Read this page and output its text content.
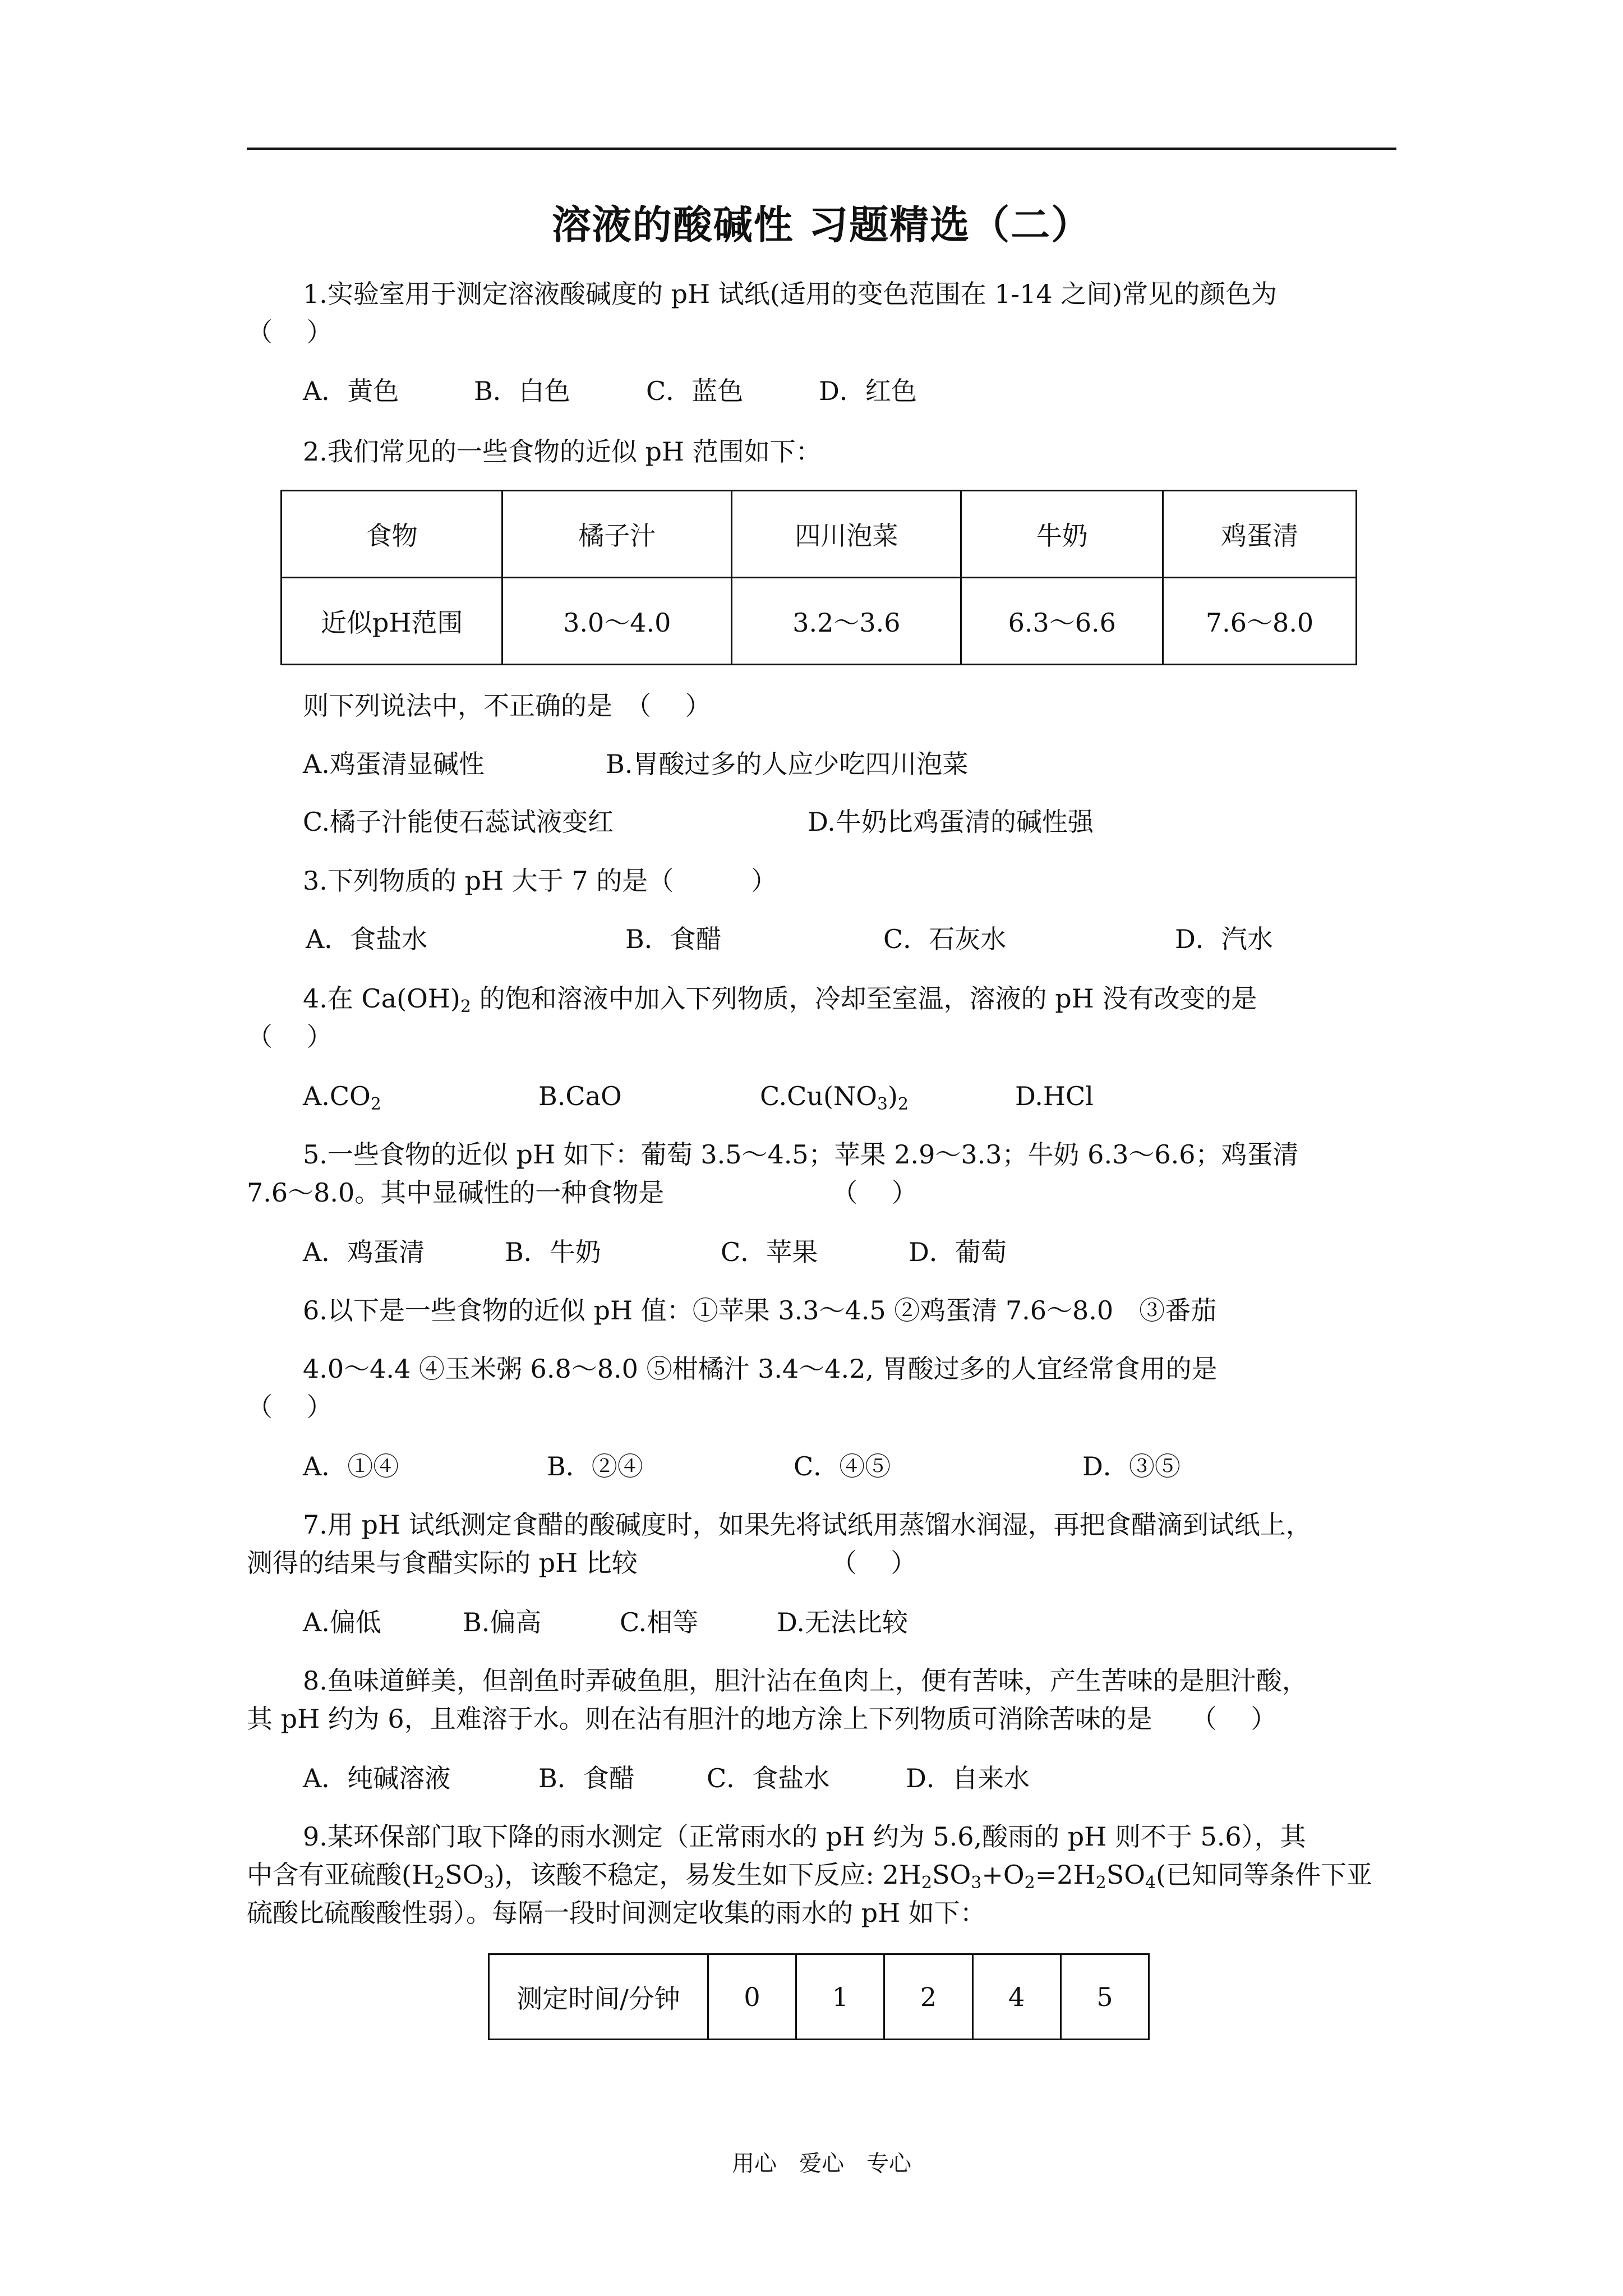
溶液的酸碱性 习题精选（二）
1.实验室用于测定溶液酸碱度的 pH 试纸(适用的变色范围在 1-14 之间)常见的颜色为
（　 ）
A．黄色	B．白色	C．蓝色	D．红色
2.我们常见的一些食物的近似 pH 范围如下：
食物	橘子汁	四川泡菜	牛奶	鸡蛋清
近似pH范围	3.0～4.0	3.2～3.6	6.3～6.6	7.6～8.0
则下列说法中，不正确的是　（　 ）
A.鸡蛋清显碱性	B.胃酸过多的人应少吃四川泡菜
C.橘子汁能使石蕊试液变红	D.牛奶比鸡蛋清的碱性强
3.下列物质的 pH 大于 7 的是（　　　）
A．食盐水	B．食醋	C．石灰水	D．汽水
4.在 $Ca(OH)_2$ 的饱和溶液中加入下列物质，冷却至室温，溶液的 pH 没有改变的是
（　 ）
$A.CO_2$	B.CaO	$C.Cu(NO_3)_2$	D.HCl
5.一些食物的近似 pH 如下：葡萄 3.5～4.5；苹果 2.9～3.3；牛奶 6.3～6.6；鸡蛋清
7.6～8.0。其中显碱性的一种食物是　　　　　　　（　 ）
A．鸡蛋清	B．牛奶	C．苹果	D．葡萄
6.以下是一些食物的近似 pH 值：①苹果 3.3～4.5 ②鸡蛋清 7.6～8.0　③番茄
4.0～4.4 ④玉米粥 6.8～8.0 ⑤柑橘汁 3.4～4.2, 胃酸过多的人宜经常食用的是
（　 ）
A．①④	B．②④	C．④⑤	D．③⑤
7.用 pH 试纸测定食醋的酸碱度时，如果先将试纸用蒸馏水润湿，再把食醋滴到试纸上，
测得的结果与食醋实际的 pH 比较　　　　　　　　（　 ）
A.偏低	B.偏高	C.相等	D.无法比较
8.鱼味道鲜美，但剖鱼时弄破鱼胆，胆汁沾在鱼肉上，便有苦味，产生苦味的是胆汁酸，
其 pH 约为 6，且难溶于水。则在沾有胆汁的地方涂上下列物质可消除苦味的是　　（　 ）
A．纯碱溶液	B．食醋	C．食盐水	D．自来水
9.某环保部门取下降的雨水测定（正常雨水的 pH 约为 5.6,酸雨的 pH 则不于 5.6），其
中含有亚硫酸$(H_2SO_3)$，该酸不稳定，易发生如下反应: $2H_2SO_3+O_2=2H_2SO_4$(已知同等条件下亚
硫酸比硫酸酸性弱）。每隔一段时间测定收集的雨水的 pH 如下：
测定时间/分钟	0	1	2	4	5
用心　爱心　专心
